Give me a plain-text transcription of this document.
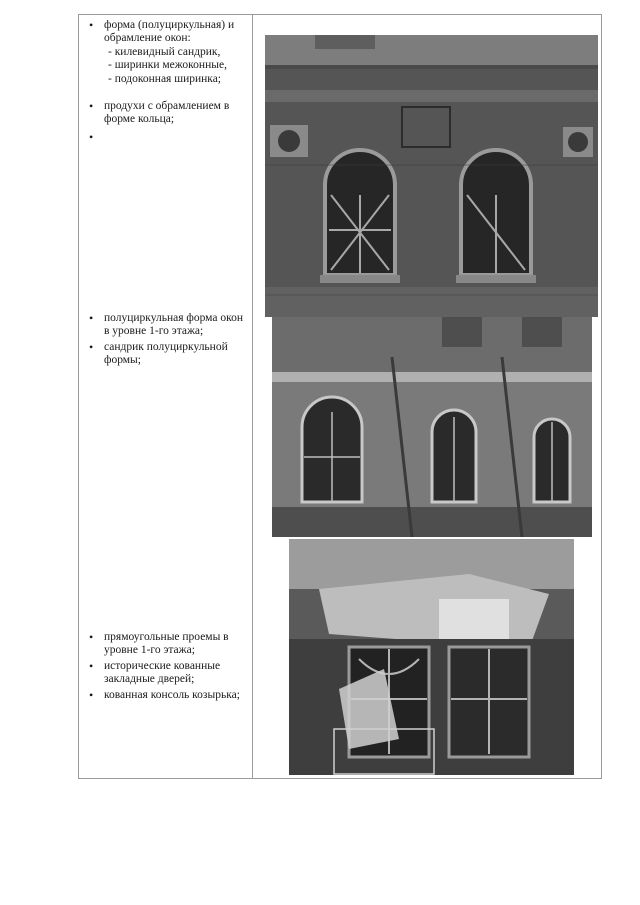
• форма (полуциркульная) и обрамление окон:
- килевидный сандрик,
- ширинки межоконные,
- подоконная ширинка;
• продухи с обрамлением в форме кольца;
• полуциркульная форма окон в уровне 1-го этажа;
• сандрик полуциркульной формы;
• прямоугольные проемы в уровне 1-го этажа;
• исторические кованные закладные дверей;
• кованная консоль козырька;
